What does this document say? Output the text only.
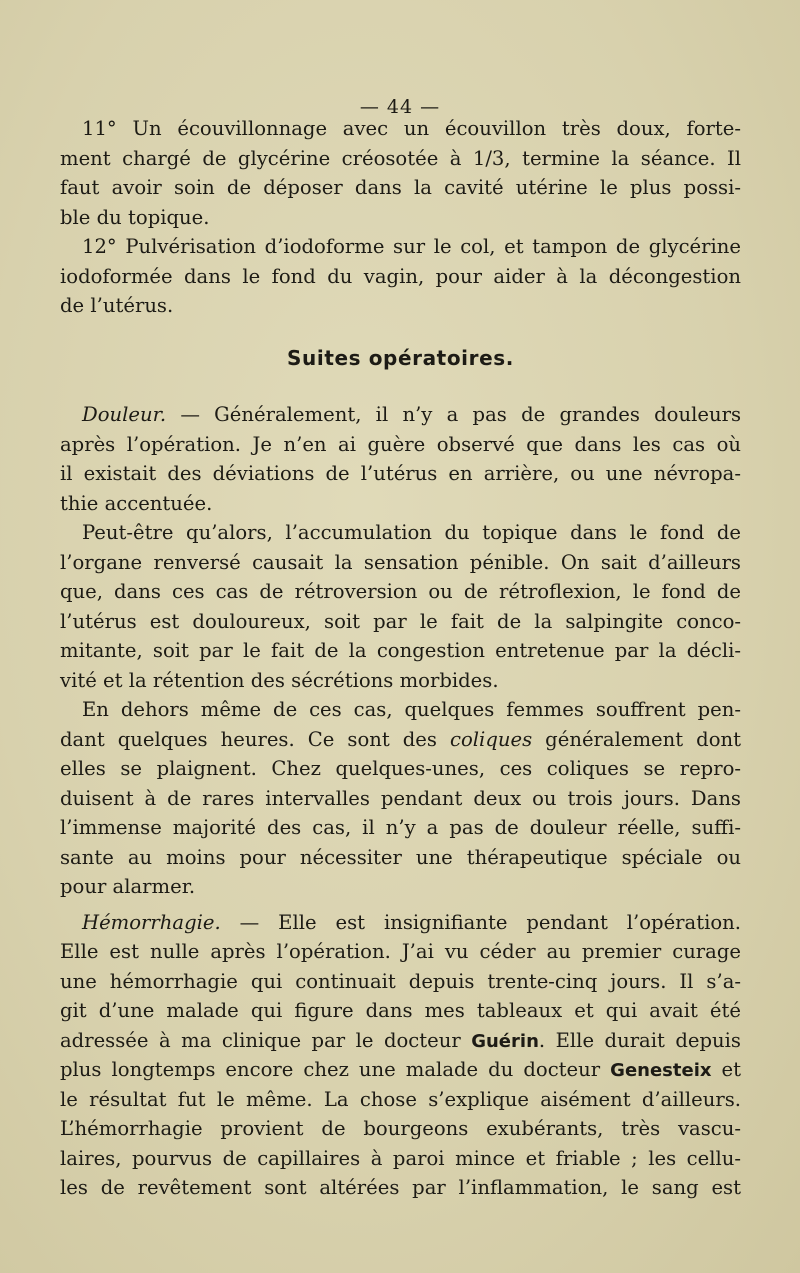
— 44 —
11° Un écouvillonnage avec un écouvillon très doux, forte-
ment chargé de glycérine créosotée à 1/3, termine la séance. Il
faut avoir soin de déposer dans la cavité utérine le plus possi-
ble du topique.
12° Pulvérisation d’iodoforme sur le col, et tampon de glycérine
iodoformée dans le fond du vagin, pour aider à la décongestion
de l’utérus.
Suites opératoires.
Douleur. — Généralement, il n’y a pas de grandes douleurs
après l’opération. Je n’en ai guère observé que dans les cas où
il existait des déviations de l’utérus en arrière, ou une névropa-
thie accentuée.
Peut-être qu’alors, l’accumulation du topique dans le fond de
l’organe renversé causait la sensation pénible. On sait d’ailleurs
que, dans ces cas de rétroversion ou de rétroflexion, le fond de
l’utérus est douloureux, soit par le fait de la salpingite conco-
mitante, soit par le fait de la congestion entretenue par la décli-
vité et la rétention des sécrétions morbides.
En dehors même de ces cas, quelques femmes souffrent pen-
dant quelques heures. Ce sont des coliques généralement dont
elles se plaignent. Chez quelques-unes, ces coliques se repro-
duisent à de rares intervalles pendant deux ou trois jours. Dans
l’immense majorité des cas, il n’y a pas de douleur réelle, suffi-
sante au moins pour nécessiter une thérapeutique spéciale ou
pour alarmer.
Hémorrhagie. — Elle est insignifiante pendant l’opération.
Elle est nulle après l’opération. J’ai vu céder au premier curage
une hémorrhagie qui continuait depuis trente-cinq jours. Il s’a-
git d’une malade qui figure dans mes tableaux et qui avait été
adressée à ma clinique par le docteur Guérin. Elle durait depuis
plus longtemps encore chez une malade du docteur Genesteix et
le résultat fut le même. La chose s’explique aisément d’ailleurs.
L’hémorrhagie provient de bourgeons exubérants, très vascu-
laires, pourvus de capillaires à paroi mince et friable ; les cellu-
les de revêtement sont altérées par l’inflammation, le sang est
